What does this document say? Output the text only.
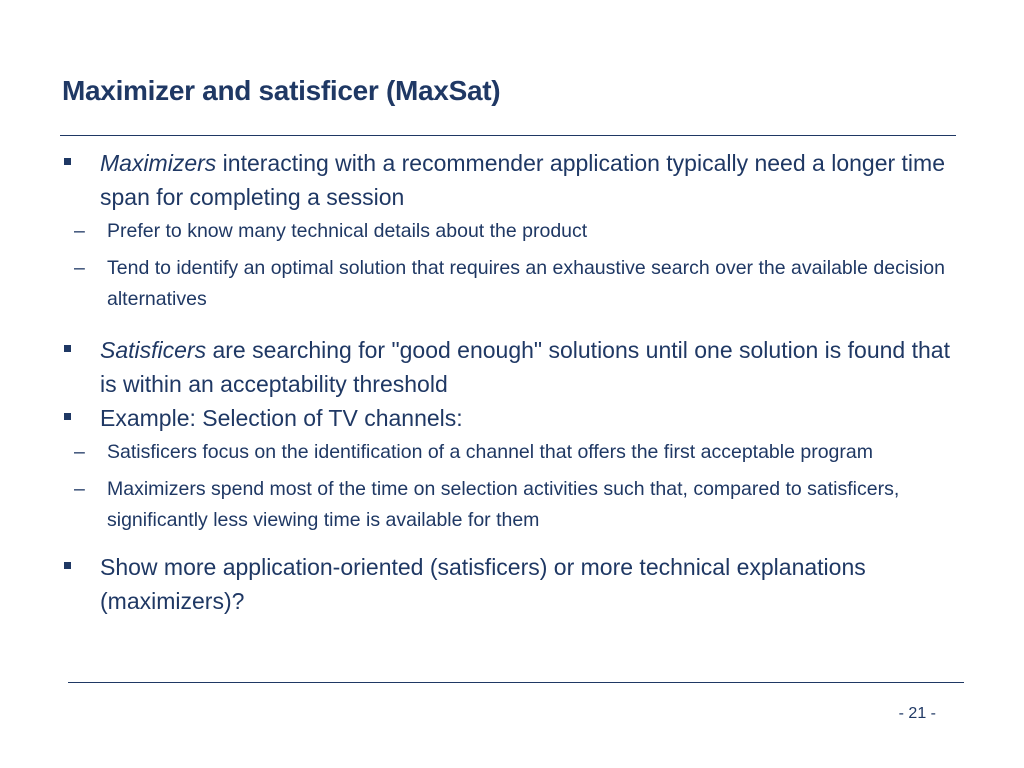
Maximizer and satisficer (MaxSat)
Maximizers interacting with a recommender application typically need a longer time span for completing a session
– Prefer to know many technical details about the product
– Tend to identify an optimal solution that requires an exhaustive search over the available decision alternatives
Satisficers are searching for "good enough" solutions until one solution is found that is within an acceptability threshold
Example: Selection of TV channels:
– Satisficers focus on the identification of a channel that offers the first acceptable program
– Maximizers spend most of the time on selection activities such that, compared to satisficers, significantly less viewing time is available for them
Show more application-oriented (satisficers) or more technical explanations (maximizers)?
- 21 -
